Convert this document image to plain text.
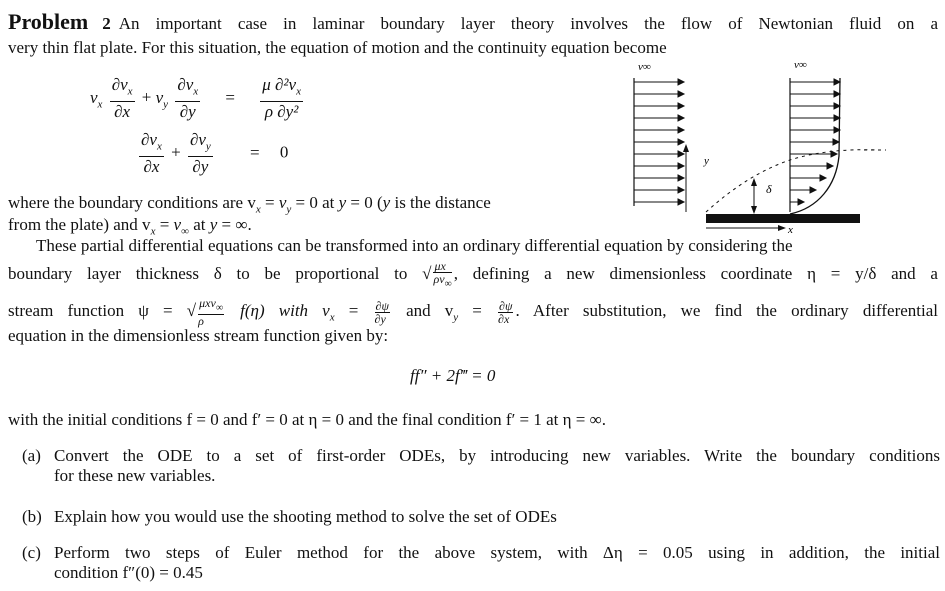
Problem 2 An important case in laminar boundary layer theory involves the flow of Newtonian fluid on a
very thin flat plate. For this situation, the equation of motion and the continuity equation become
$v_x \frac{\partial v_x}{\partial x} + v_y \frac{\partial v_x}{\partial y} = \frac{\mu \partial^2v_x}{\text{ρ ∂y²}}$
$\frac{\partial v_x}{\partial x} + \frac{\partial v_y}{\partial y} = 0$
v∞	v∞
y
δ
x
where the boundary conditions are $v_x = v_y = 0$ at y = 0 (y is the distance
from the plate) and $v_x = v_\infty$ at y = ∞.
These partial differential equations can be transformed into an ordinary differential equation by considering the
boundary layer thickness δ to be proportional to √ $\frac{\mu x}{\rho v_\infty}$ , defining a new dimensionless coordinate η = y/δ and a
stream function ψ = √ $\frac{\mu xv_\infty}{\rho} f(\eta)$ with $v_x = \frac{\partial\psi}{\partial y}$ and $v_y = \frac{\partial\psi}{\partial x}$ . After substitution, we find the ordinary differential
equation in the dimensionless stream function given by:
ff″ + 2f‴ = 0
with the initial conditions f = 0 and f′ = 0 at η = 0 and the final condition f′ = 1 at η = ∞.
(a) Convert the ODE to a set of first-order ODEs, by introducing new variables. Write the boundary conditions
for these new variables.
(b) Explain how you would use the shooting method to solve the set of ODEs
(c) Perform two steps of Euler method for the above system, with Δη = 0.05 using in addition, the initial
condition f″(0) = 0.45
